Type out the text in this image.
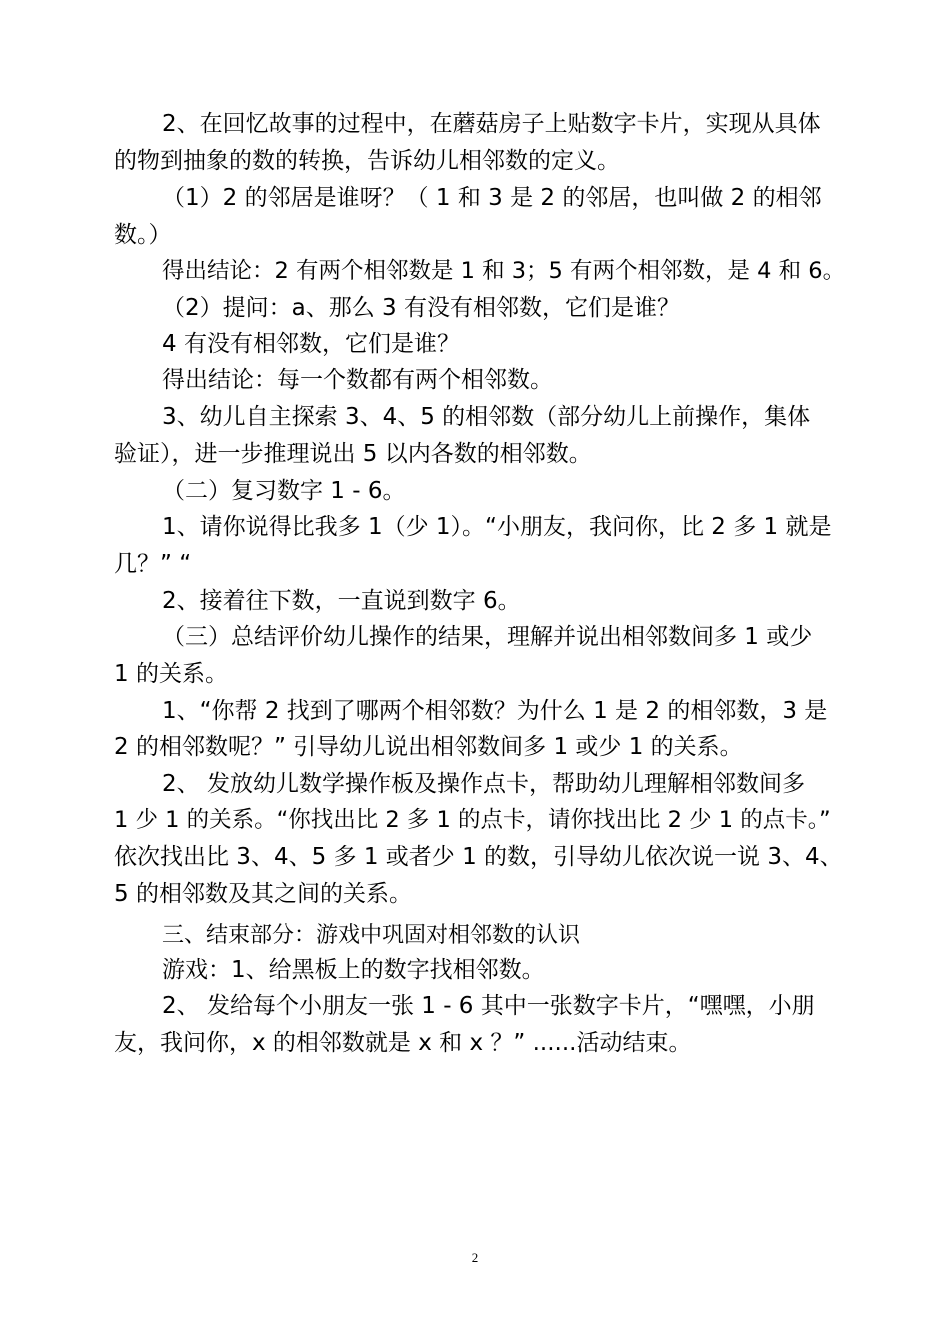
2、在回忆故事的过程中，在蘑菇房子上贴数字卡片，实现从具体
的物到抽象的数的转换，告诉幼儿相邻数的定义。
（1）2 的邻居是谁呀？（ 1 和 3 是 2 的邻居，也叫做 2 的相邻
数。）
得出结论：2 有两个相邻数是 1 和 3；5 有两个相邻数，是 4 和 6。
（2）提问：a、那么 3 有没有相邻数，它们是谁？
4 有没有相邻数，它们是谁？
得出结论：每一个数都有两个相邻数。
3、幼儿自主探索 3、4、5 的相邻数（部分幼儿上前操作，集体
验证），进一步推理说出 5 以内各数的相邻数。
（二）复习数字 1 - 6。
1、请你说得比我多 1（少 1）。“小朋友，我问你，比 2 多 1 就是
几？” “
2、接着往下数，一直说到数字 6。
（三）总结评价幼儿操作的结果，理解并说出相邻数间多 1 或少
1 的关系。
1、“你帮 2 找到了哪两个相邻数？为什么 1 是 2 的相邻数，3 是
2 的相邻数呢？” 引导幼儿说出相邻数间多 1 或少 1 的关系。
2、 发放幼儿数学操作板及操作点卡，帮助幼儿理解相邻数间多
1 少 1 的关系。“你找出比 2 多 1 的点卡，请你找出比 2 少 1 的点卡。”
依次找出比 3、4、5 多 1 或者少 1 的数，引导幼儿依次说一说 3、4、
5 的相邻数及其之间的关系。
三、结束部分：游戏中巩固对相邻数的认识
游戏：1、给黑板上的数字找相邻数。
2、 发给每个小朋友一张 1 - 6 其中一张数字卡片，“嘿嘿，小朋
友，我问你，x 的相邻数就是 x 和 x ？” ......活动结束。
2
